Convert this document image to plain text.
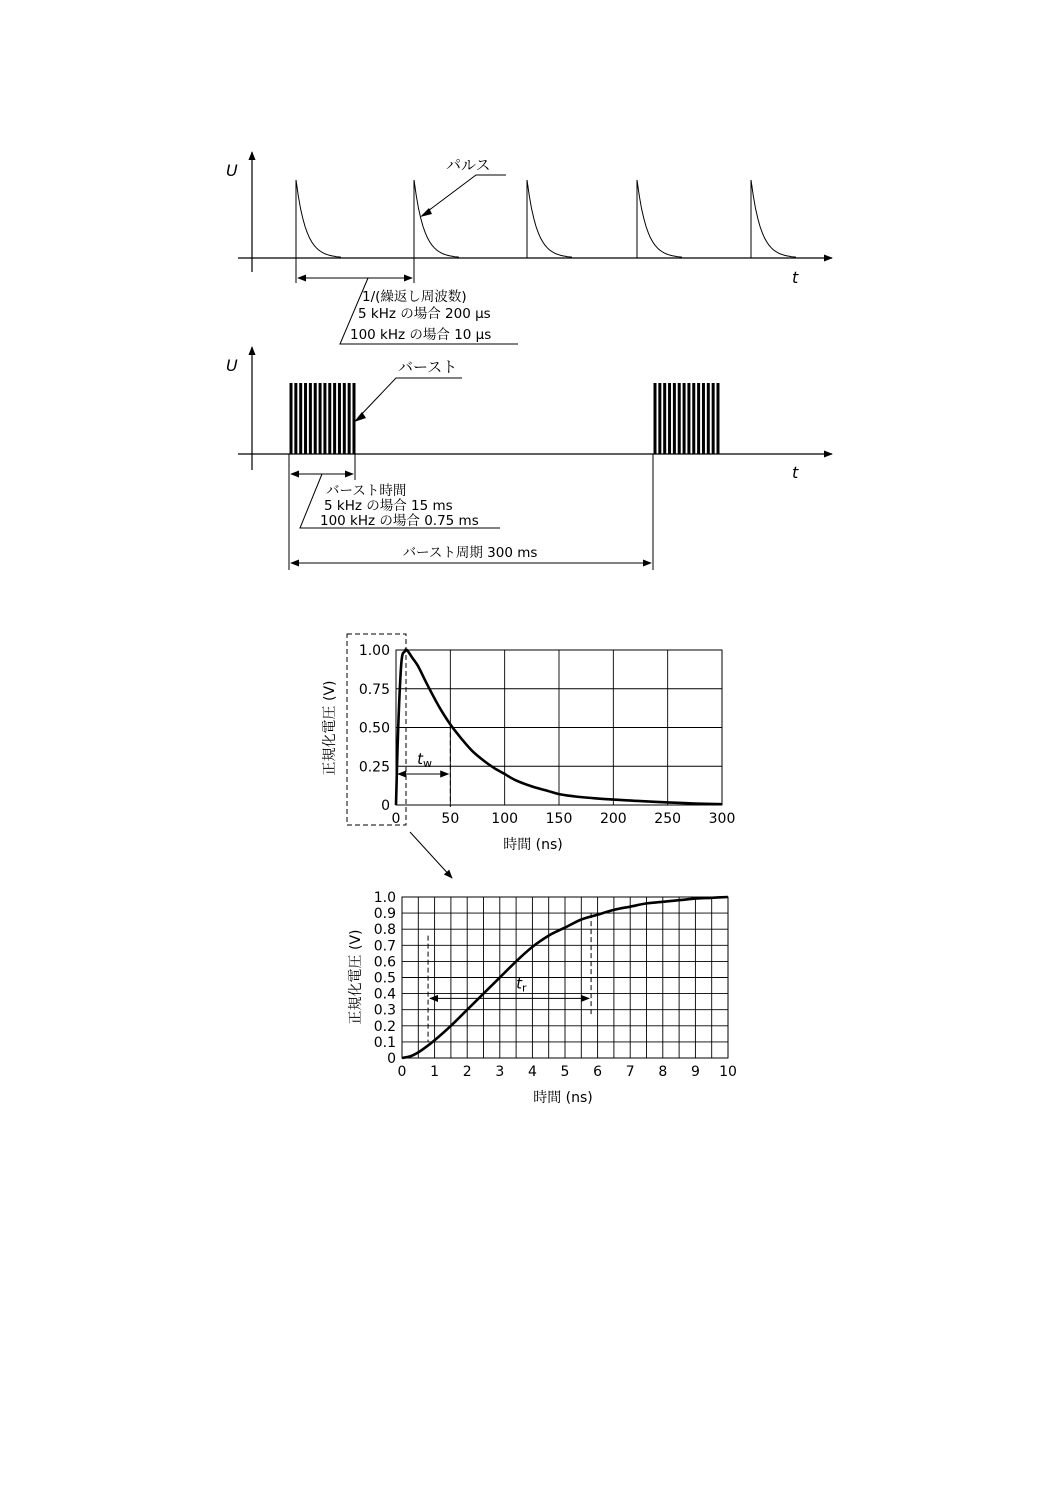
U
t
パルス
1/(繰返し周波数)
5 kHz の場合 200 µs
100 kHz の場合 10 µs
U
t
バースト
バースト時間
5 kHz の場合 15 ms
100 kHz の場合 0.75 ms
バースト周期 300 ms
0	50 100 150 200 250 300
0
0.25
0.50
0.75
1.00
$t_w$
時間 (ns)
正規化電圧 (V)
0 1 2 3 4 5 6 7 8 9 10
0
0.1
0.2
0.3
0.4
0.5
0.6
0.7
0.8
0.9
1.0
$t_r$
時間 (ns)
正規化電圧 (V)
